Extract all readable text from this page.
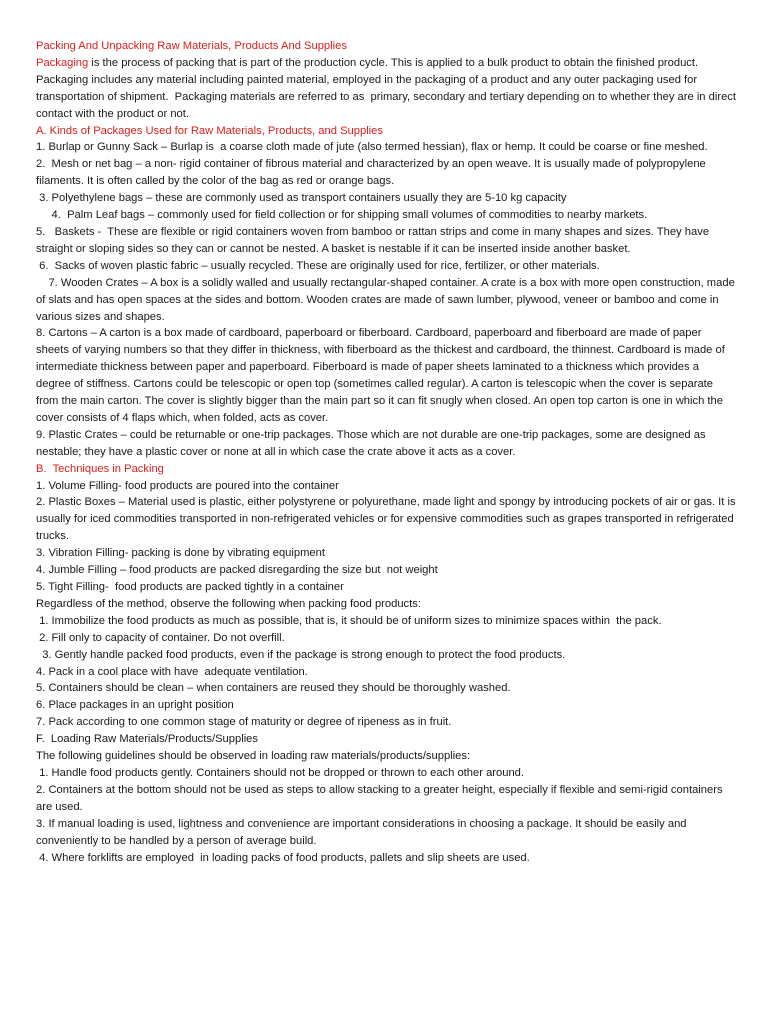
Packing And Unpacking Raw Materials, Products And Supplies

Packaging is the process of packing that is part of the production cycle. This is applied to a bulk product to obtain the finished product. Packaging includes any material including painted material, employed in the packaging of a product and any outer packaging used for transportation of shipment.  Packaging materials are referred to as  primary, secondary and tertiary depending on to whether they are in direct contact with the product or not.

A. Kinds of Packages Used for Raw Materials, Products, and Supplies

1. Burlap or Gunny Sack – Burlap is  a coarse cloth made of jute (also termed hessian), flax or hemp. It could be coarse or fine meshed.

2.  Mesh or net bag – a non- rigid container of fibrous material and characterized by an open weave. It is usually made of polypropylene filaments. It is often called by the color of the bag as red or orange bags.

3. Polyethylene bags – these are commonly used as transport containers usually they are 5-10 kg capacity

4.  Palm Leaf bags – commonly used for field collection or for shipping small volumes of commodities to nearby markets.

5.   Baskets -  These are flexible or rigid containers woven from bamboo or rattan strips and come in many shapes and sizes. They have straight or sloping sides so they can or cannot be nested. A basket is nestable if it can be inserted inside another basket.

6.  Sacks of woven plastic fabric – usually recycled. These are originally used for rice, fertilizer, or other materials.

7. Wooden Crates – A box is a solidly walled and usually rectangular-shaped container. A crate is a box with more open construction, made of slats and has open spaces at the sides and bottom. Wooden crates are made of sawn lumber, plywood, veneer or bamboo and come in various sizes and shapes.

8. Cartons – A carton is a box made of cardboard, paperboard or fiberboard. Cardboard, paperboard and fiberboard are made of paper sheets of varying numbers so that they differ in thickness, with fiberboard as the thickest and cardboard, the thinnest. Cardboard is made of intermediate thickness between paper and paperboard. Fiberboard is made of paper sheets laminated to a thickness which provides a degree of stiffness. Cartons could be telescopic or open top (sometimes called regular). A carton is telescopic when the cover is separate from the main carton. The cover is slightly bigger than the main part so it can fit snugly when closed. An open top carton is one in which the cover consists of 4 flaps which, when folded, acts as cover.

9. Plastic Crates – could be returnable or one-trip packages. Those which are not durable are one-trip packages, some are designed as nestable; they have a plastic cover or none at all in which case the crate above it acts as a cover.

B.  Techniques in Packing

1. Volume Filling- food products are poured into the container

2. Plastic Boxes – Material used is plastic, either polystyrene or polyurethane, made light and spongy by introducing pockets of air or gas. It is usually for iced commodities transported in non-refrigerated vehicles or for expensive commodities such as grapes transported in refrigerated trucks.

3. Vibration Filling- packing is done by vibrating equipment

4. Jumble Filling – food products are packed disregarding the size but  not weight

5. Tight Filling-  food products are packed tightly in a container

Regardless of the method, observe the following when packing food products:

1. Immobilize the food products as much as possible, that is, it should be of uniform sizes to minimize spaces within  the pack.

2. Fill only to capacity of container. Do not overfill.

3. Gently handle packed food products, even if the package is strong enough to protect the food products.

4. Pack in a cool place with have  adequate ventilation.

5. Containers should be clean – when containers are reused they should be thoroughly washed.

6. Place packages in an upright position

7. Pack according to one common stage of maturity or degree of ripeness as in fruit.

F.  Loading Raw Materials/Products/Supplies

The following guidelines should be observed in loading raw materials/products/supplies:

1. Handle food products gently. Containers should not be dropped or thrown to each other around.

2. Containers at the bottom should not be used as steps to allow stacking to a greater height, especially if flexible and semi-rigid containers are used.

3. If manual loading is used, lightness and convenience are important considerations in choosing a package. It should be easily and conveniently to be handled by a person of average build.

4. Where forklifts are employed  in loading packs of food products, pallets and slip sheets are used.
